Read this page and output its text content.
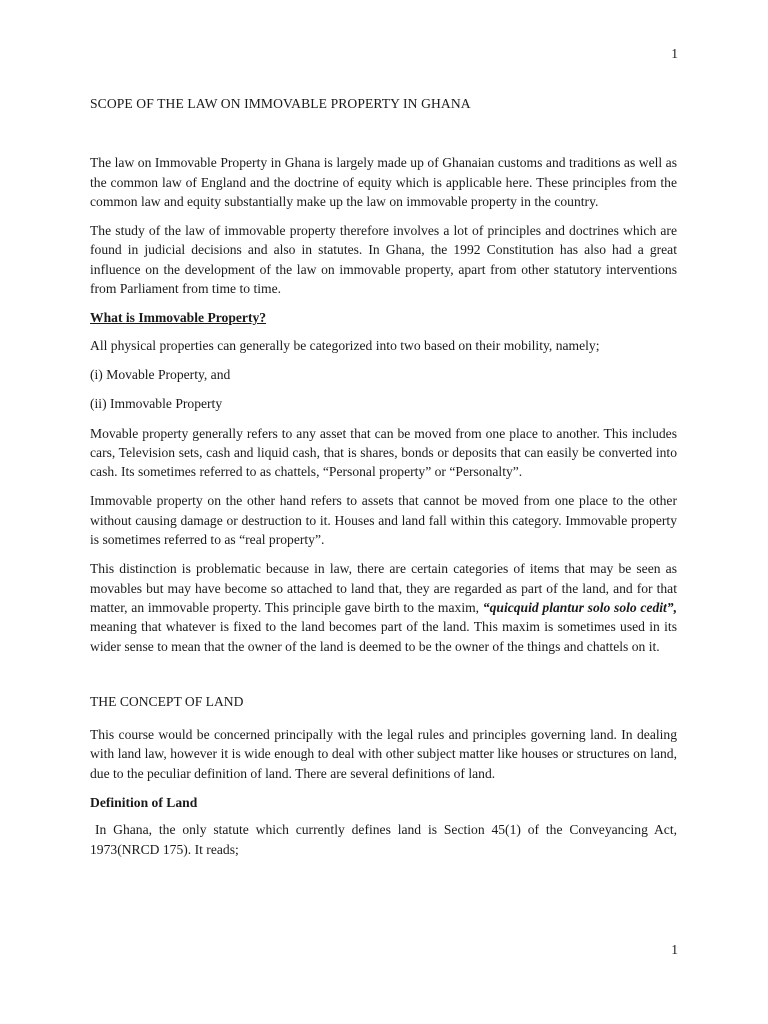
1
SCOPE OF THE LAW ON IMMOVABLE PROPERTY IN GHANA

The law on Immovable Property in Ghana is largely made up of Ghanaian customs and traditions as well as the common law of England and the doctrine of equity which is applicable here. These principles from the common law and equity substantially make up the law on immovable property in the country.

The study of the law of immovable property therefore involves a lot of principles and doctrines which are found in judicial decisions and also in statutes. In Ghana, the 1992 Constitution has also had a great influence on the development of the law on immovable property, apart from other statutory interventions from Parliament from time to time.

What is Immovable Property?

All physical properties can generally be categorized into two based on their mobility, namely;

(i) Movable Property, and
(ii) Immovable Property

Movable property generally refers to any asset that can be moved from one place to another. This includes cars, Television sets, cash and liquid cash, that is shares, bonds or deposits that can easily be converted into cash. Its sometimes referred to as chattels, “Personal property” or “Personalty”.

Immovable property on the other hand refers to assets that cannot be moved from one place to the other without causing damage or destruction to it. Houses and land fall within this category. Immovable property is sometimes referred to as “real property”.

This distinction is problematic because in law, there are certain categories of items that may be seen as movables but may have become so attached to land that, they are regarded as part of the land, and for that matter, an immovable property. This principle gave birth to the maxim, “quicquid plantur solo solo cedit”, meaning that whatever is fixed to the land becomes part of the land. This maxim is sometimes used in its wider sense to mean that the owner of the land is deemed to be the owner of the things and chattels on it.

THE CONCEPT OF LAND

This course would be concerned principally with the legal rules and principles governing land. In dealing with land law, however it is wide enough to deal with other subject matter like houses or structures on land, due to the peculiar definition of land. There are several definitions of land.

Definition of Land

In Ghana, the only statute which currently defines land is Section 45(1) of the Conveyancing Act, 1973(NRCD 175). It reads;

1
